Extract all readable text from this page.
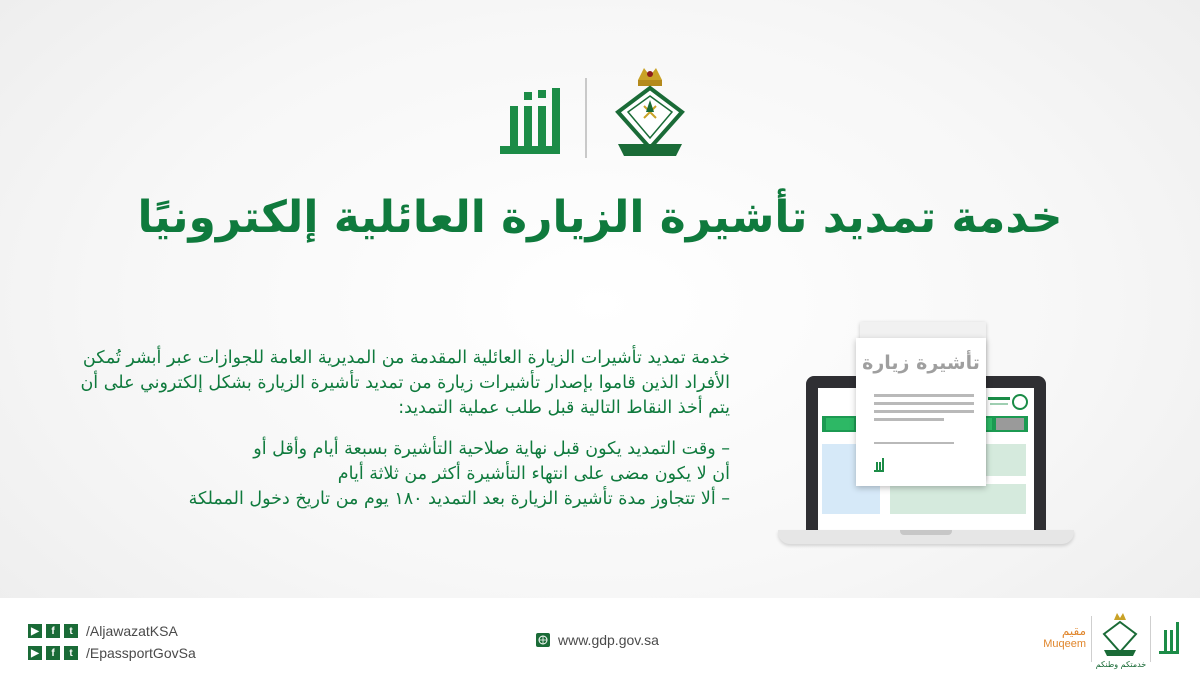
خدمة تمديد تأشيرة الزيارة العائلية إلكترونيًا

خدمة تمديد تأشيرات الزيارة العائلية المقدمة من المديرية العامة للجوازات عبر أبشر تُمكن الأفراد الذين قاموا بإصدار تأشيرات زيارة من تمديد تأشيرة الزيارة بشكل إلكتروني على أن يتم أخذ النقاط التالية قبل طلب عملية التمديد:

– وقت التمديد يكون قبل نهاية صلاحية التأشيرة بسبعة أيام وأقل أو

أن لا يكون مضى على انتهاء التأشيرة أكثر من ثلاثة أيام

– ألا تتجاوز مدة تأشيرة الزيارة بعد التمديد ١٨٠ يوم من تاريخ دخول المملكة

تأشيرة زيارة
▶	f	t /AljawazatKSA
▶	f	t /EpassportGovSa
www.gdp.gov.sa
مقيم
Muqeem
خدمتكم وطنكم
